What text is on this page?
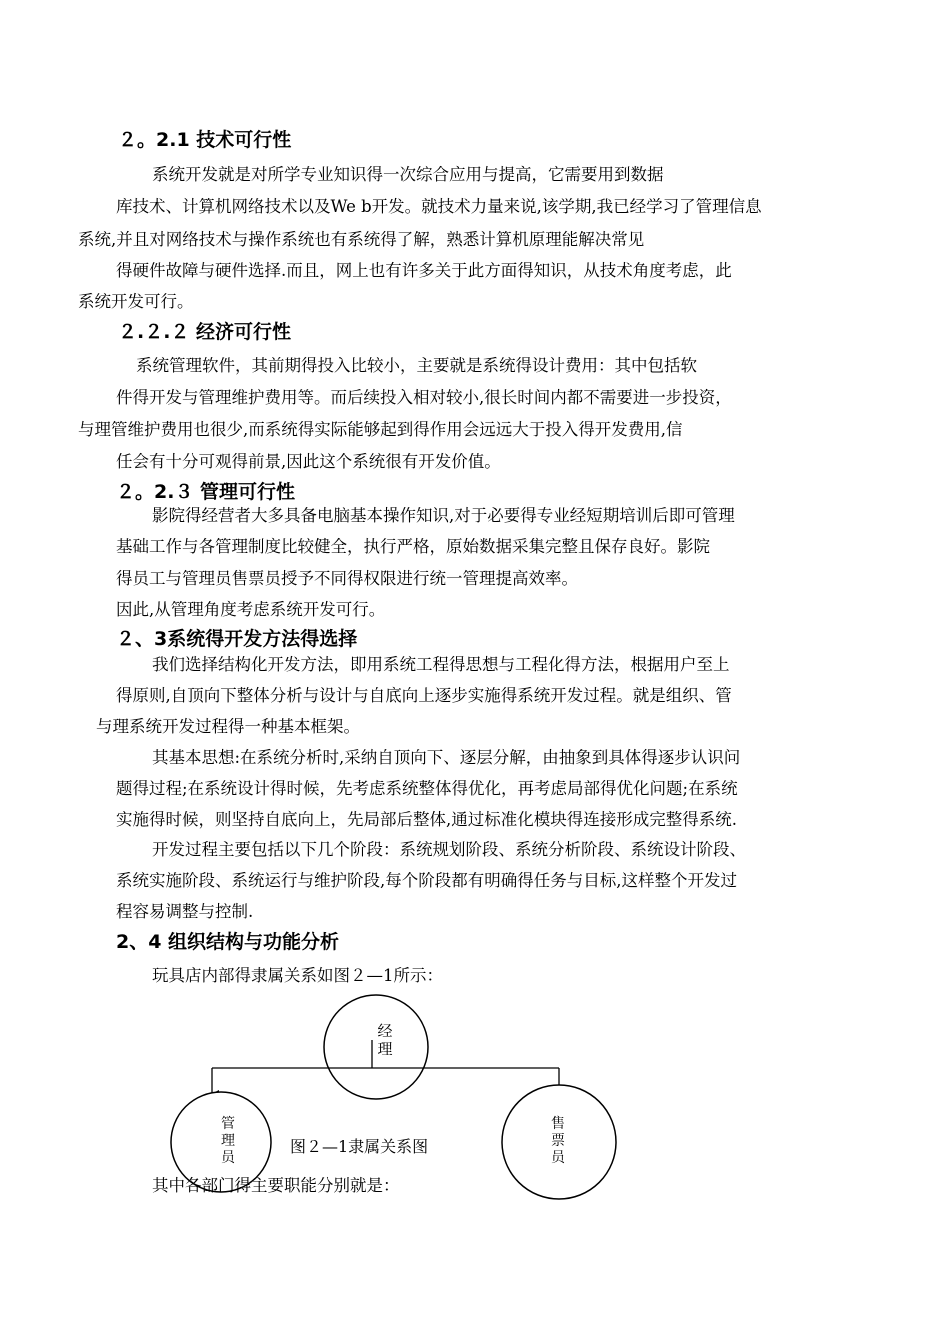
２。2.1 技术可行性
系统开发就是对所学专业知识得一次综合应用与提高，它需要用到数据
库技术、计算机网络技术以及We b开发。就技术力量来说,该学期,我已经学习了管理信息
系统,并且对网络技术与操作系统也有系统得了解，熟悉计算机原理能解决常见
得硬件故障与硬件选择.而且，网上也有许多关于此方面得知识，从技术角度考虑，此
系统开发可行。
２.２.２ 经济可行性
系统管理软件，其前期得投入比较小，主要就是系统得设计费用：其中包括软
件得开发与管理维护费用等。而后续投入相对较小,很长时间内都不需要进一步投资，
与理管维护费用也很少,而系统得实际能够起到得作用会远远大于投入得开发费用,信
任会有十分可观得前景,因此这个系统很有开发价值。
２。2.３ 管理可行性
影院得经营者大多具备电脑基本操作知识,对于必要得专业经短期培训后即可管理
基础工作与各管理制度比较健全，执行严格，原始数据采集完整且保存良好。影院
得员工与管理员售票员授予不同得权限进行统一管理提高效率。
因此,从管理角度考虑系统开发可行。
２、3系统得开发方法得选择
我们选择结构化开发方法，即用系统工程得思想与工程化得方法，根据用户至上
得原则,自顶向下整体分析与设计与自底向上逐步实施得系统开发过程。就是组织、管
与理系统开发过程得一种基本框架。
其基本思想:在系统分析时,采纳自顶向下、逐层分解，由抽象到具体得逐步认识问
题得过程;在系统设计得时候，先考虑系统整体得优化，再考虑局部得优化问题;在系统
实施得时候，则坚持自底向上，先局部后整体,通过标准化模块得连接形成完整得系统.
开发过程主要包括以下几个阶段：系统规划阶段、系统分析阶段、系统设计阶段、
系统实施阶段、系统运行与维护阶段,每个阶段都有明确得任务与目标,这样整个开发过
程容易调整与控制.
2、4 组织结构与功能分析
玩具店内部得隶属关系如图２—1所示：
经
理
管
理
员
售
票
员
图２—1隶属关系图
其中各部门得主要职能分别就是：
